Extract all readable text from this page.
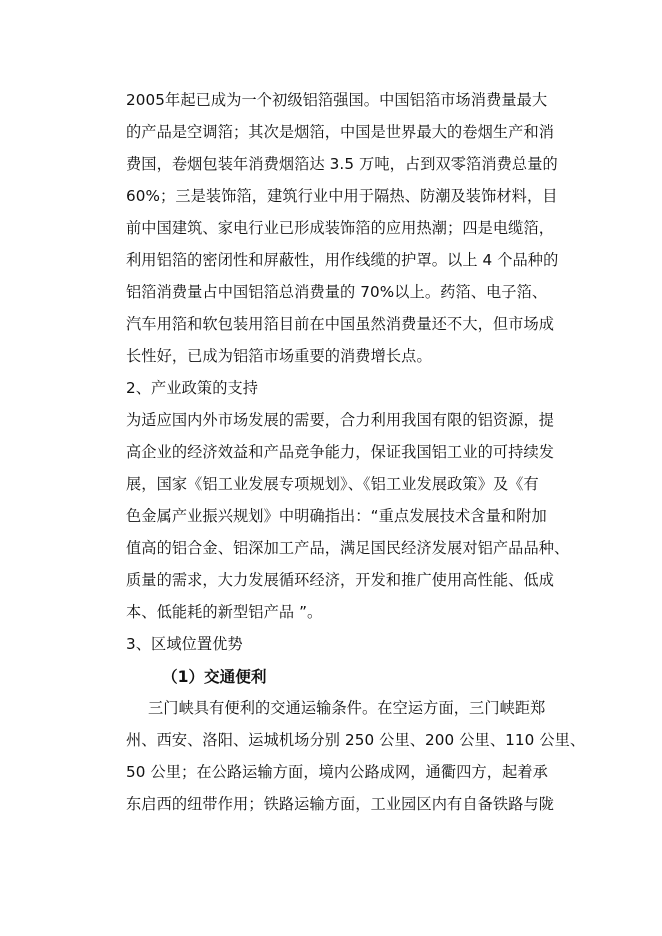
2005年起已成为一个初级铝箔强国。中国铝箔市场消费量最大
的产品是空调箔；其次是烟箔，中国是世界最大的卷烟生产和消
费国，卷烟包装年消费烟箔达 3.5 万吨，占到双零箔消费总量的
60%；三是装饰箔，建筑行业中用于隔热、防潮及装饰材料，目
前中国建筑、家电行业已形成装饰箔的应用热潮；四是电缆箔，
利用铝箔的密闭性和屏蔽性，用作线缆的护罩。以上 4 个品种的
铝箔消费量占中国铝箔总消费量的 70%以上。药箔、电子箔、
汽车用箔和软包装用箔目前在中国虽然消费量还不大，但市场成
长性好，已成为铝箔市场重要的消费增长点。
2、产业政策的支持
为适应国内外市场发展的需要，合力利用我国有限的铝资源，提
高企业的经济效益和产品竞争能力，保证我国铝工业的可持续发
展，国家《铝工业发展专项规划》、《铝工业发展政策》及《有
色金属产业振兴规划》中明确指出：“重点发展技术含量和附加
值高的铝合金、铝深加工产品，满足国民经济发展对铝产品品种、
质量的需求，大力发展循环经济，开发和推广使用高性能、低成
本、低能耗的新型铝产品 ”。
3、区域位置优势
（1）交通便利
三门峡具有便利的交通运输条件。在空运方面，三门峡距郑
州、西安、洛阳、运城机场分别 250 公里、200 公里、110 公里、
50 公里；在公路运输方面，境内公路成网，通衢四方，起着承
东启西的纽带作用；铁路运输方面，工业园区内有自备铁路与陇
